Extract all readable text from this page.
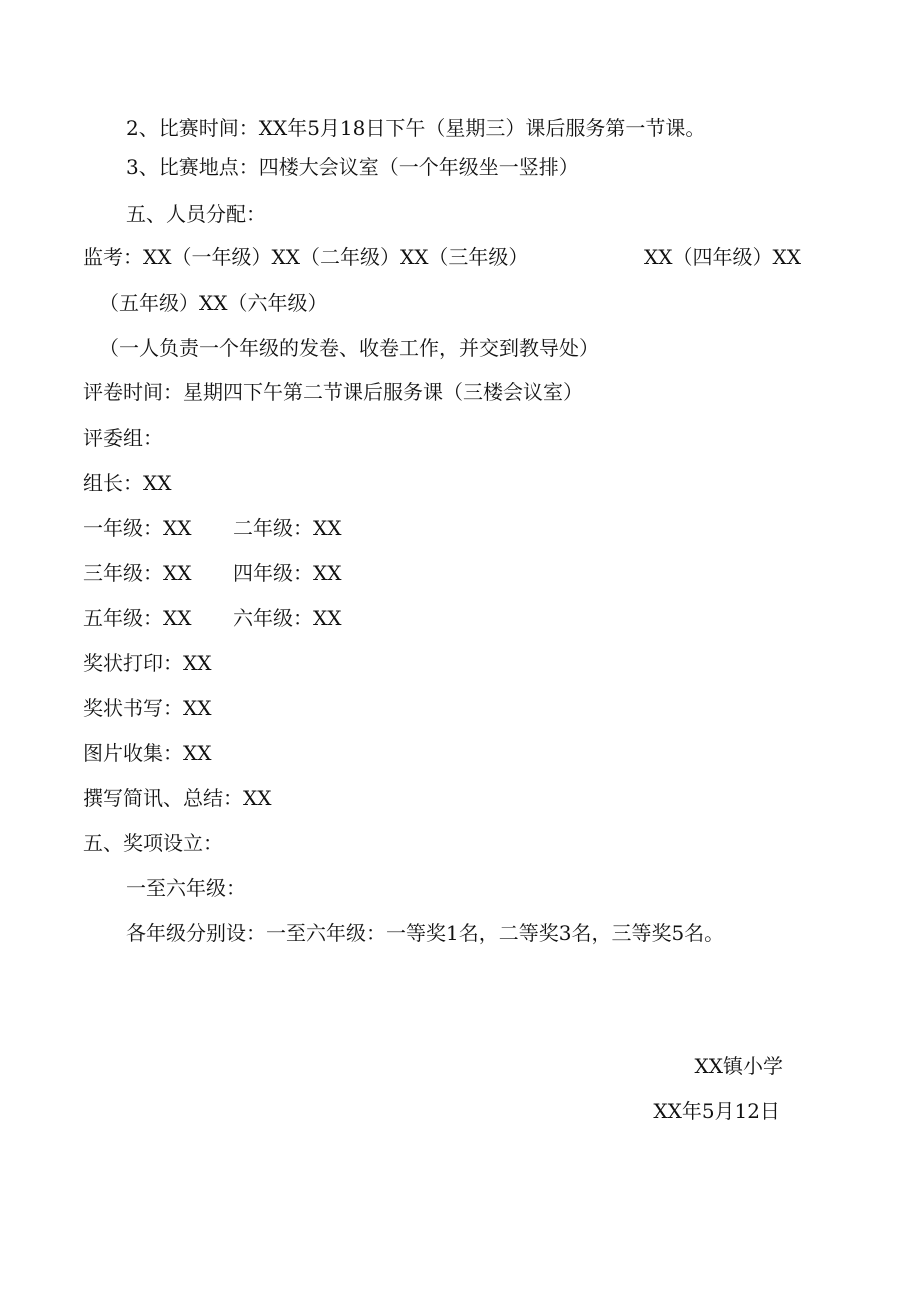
2、比赛时间：XX年5月18日下午（星期三）课后服务第一节课。
3、比赛地点：四楼大会议室（一个年级坐一竖排）
五、人员分配：
监考：XX（一年级）XX（二年级）XX（三年级）	XX（四年级）XX
（五年级）XX（六年级）
（一人负责一个年级的发卷、收卷工作，并交到教导处）
评卷时间：星期四下午第二节课后服务课（三楼会议室）
评委组：
组长：XX
一年级：XX 二年级：XX
三年级：XX 四年级：XX
五年级：XX 六年级：XX
奖状打印：XX
奖状书写：XX
图片收集：XX
撰写简讯、总结：XX
五、奖项设立：
一至六年级：
各年级分别设：一至六年级：一等奖1名，二等奖3名，三等奖5名。
XX镇小学
XX年5月12日
